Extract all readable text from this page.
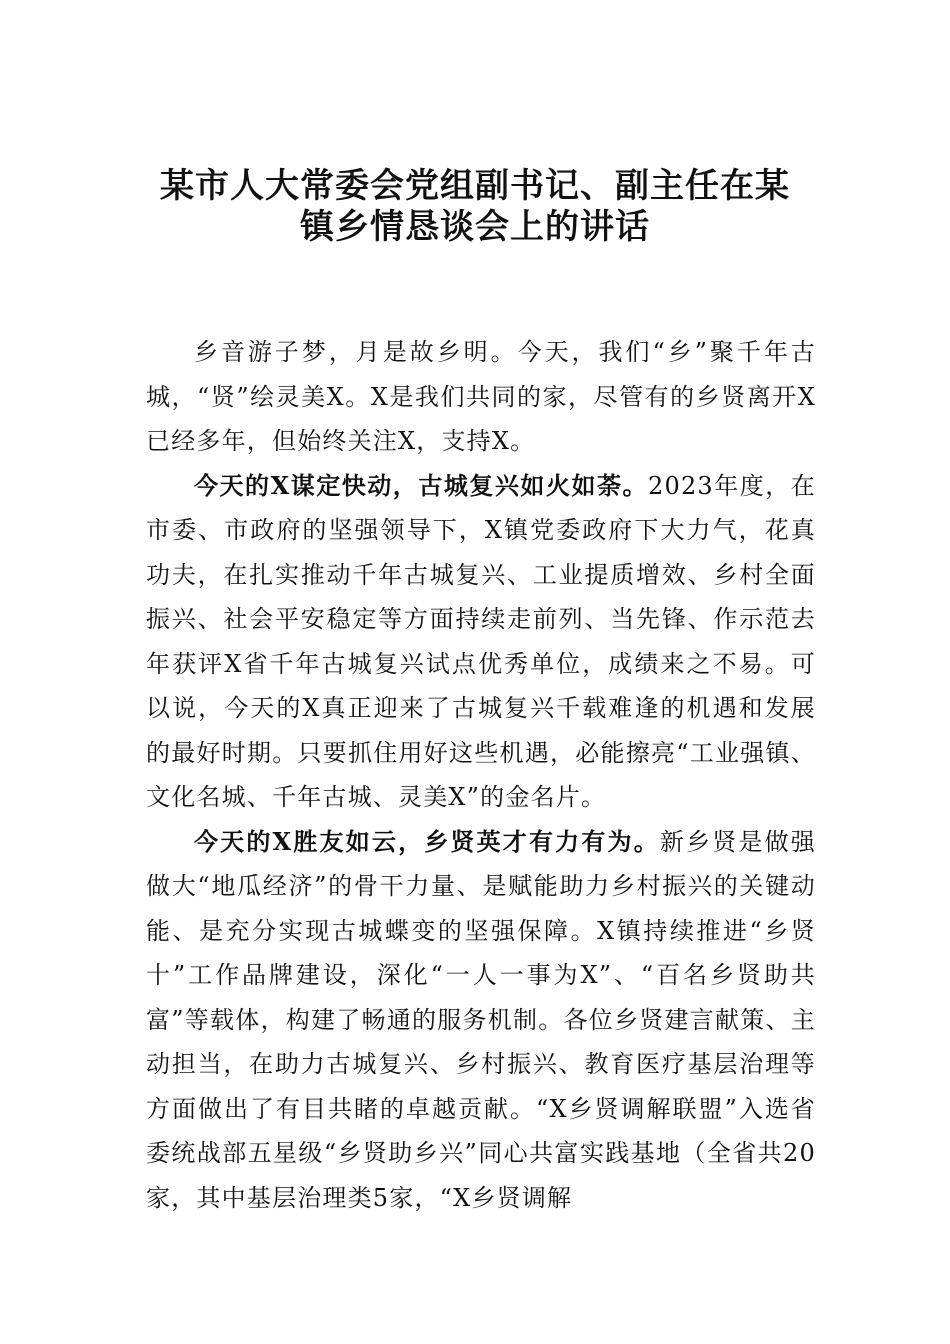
某市人大常委会党组副书记、副主任在某
镇乡情恳谈会上的讲话

乡音游子梦，月是故乡明。今天，我们“乡”聚千年古城，“贤”绘灵美X。X是我们共同的家，尽管有的乡贤离开X已经多年，但始终关注X，支持X。

今天的X谋定快动，古城复兴如火如荼。2023年度，在市委、市政府的坚强领导下，X镇党委政府下大力气，花真功夫，在扎实推动千年古城复兴、工业提质增效、乡村全面振兴、社会平安稳定等方面持续走前列、当先锋、作示范去年获评X省千年古城复兴试点优秀单位，成绩来之不易。可以说，今天的X真正迎来了古城复兴千载难逢的机遇和发展的最好时期。只要抓住用好这些机遇，必能擦亮“工业强镇、文化名城、千年古城、灵美X”的金名片。

今天的X胜友如云，乡贤英才有力有为。新乡贤是做强做大“地瓜经济”的骨干力量、是赋能助力乡村振兴的关键动能、是充分实现古城蝶变的坚强保障。X镇持续推进“乡贤十”工作品牌建设，深化“一人一事为X”、“百名乡贤助共富”等载体，构建了畅通的服务机制。各位乡贤建言献策、主动担当，在助力古城复兴、乡村振兴、教育医疗基层治理等方面做出了有目共睹的卓越贡献。“X乡贤调解联盟”入选省委统战部五星级“乡贤助乡兴”同心共富实践基地（全省共20家，其中基层治理类5家，“X乡贤调解
